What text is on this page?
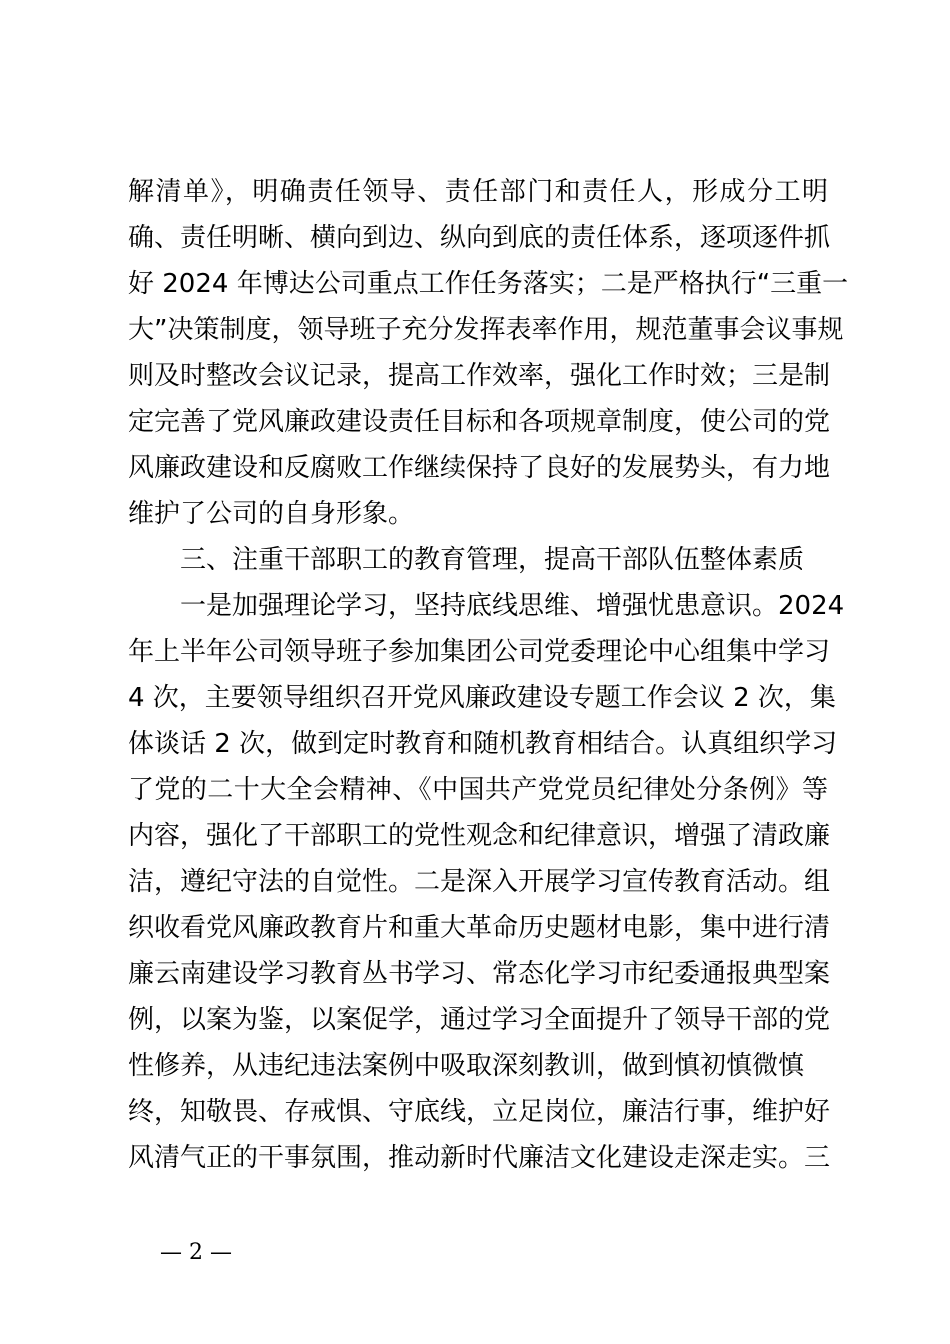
解清单》，明确责任领导、责任部门和责任人，形成分工明
确、责任明晰、横向到边、纵向到底的责任体系，逐项逐件抓
好 2024 年博达公司重点工作任务落实；二是严格执行“三重一
大”决策制度，领导班子充分发挥表率作用，规范董事会议事规
则及时整改会议记录，提高工作效率，强化工作时效；三是制
定完善了党风廉政建设责任目标和各项规章制度，使公司的党
风廉政建设和反腐败工作继续保持了良好的发展势头，有力地
维护了公司的自身形象。
三、注重干部职工的教育管理，提高干部队伍整体素质
一是加强理论学习，坚持底线思维、增强忧患意识。2024
年上半年公司领导班子参加集团公司党委理论中心组集中学习
4 次，主要领导组织召开党风廉政建设专题工作会议 2 次，集
体谈话 2 次，做到定时教育和随机教育相结合。认真组织学习
了党的二十大全会精神、《中国共产党党员纪律处分条例》等
内容，强化了干部职工的党性观念和纪律意识，增强了清政廉
洁，遵纪守法的自觉性。二是深入开展学习宣传教育活动。组
织收看党风廉政教育片和重大革命历史题材电影，集中进行清
廉云南建设学习教育丛书学习、常态化学习市纪委通报典型案
例，以案为鉴，以案促学，通过学习全面提升了领导干部的党
性修养，从违纪违法案例中吸取深刻教训，做到慎初慎微慎
终，知敬畏、存戒惧、守底线，立足岗位，廉洁行事，维护好
风清气正的干事氛围，推动新时代廉洁文化建设走深走实。三
— 2 —
